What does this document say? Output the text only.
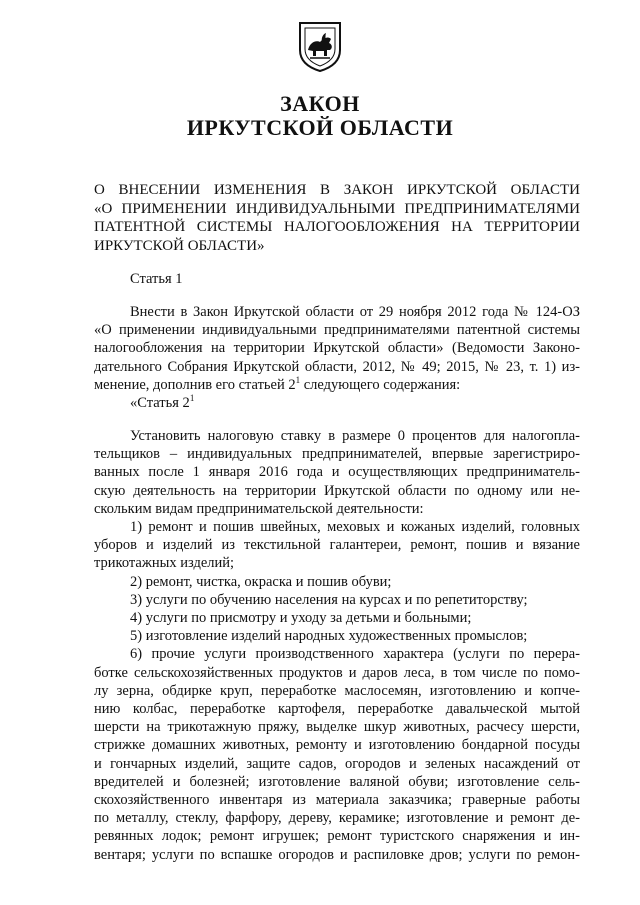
ЗАКОН
ИРКУТСКОЙ ОБЛАСТИ
О ВНЕСЕНИИ ИЗМЕНЕНИЯ В ЗАКОН ИРКУТСКОЙ ОБЛАСТИ
«О ПРИМЕНЕНИИ ИНДИВИДУАЛЬНЫМИ ПРЕДПРИНИМАТЕЛЯМИ
ПАТЕНТНОЙ СИСТЕМЫ НАЛОГООБЛОЖЕНИЯ НА ТЕРРИТОРИИ
ИРКУТСКОЙ ОБЛАСТИ»
Статья 1
Внести в Закон Иркутской области от 29 ноября 2012 года № 124-ОЗ
«О применении индивидуальными предпринимателями патентной системы
налогообложения на территории Иркутской области» (Ведомости Законо-
дательного Собрания Иркутской области, 2012, № 49; 2015, № 23, т. 1) из-
менение, дополнив его статьей $2^1$ следующего содержания:
«Статья $2^1$
Установить налоговую ставку в размере 0 процентов для налогопла-
тельщиков – индивидуальных предпринимателей, впервые зарегистриро-
ванных после 1 января 2016 года и осуществляющих предприниматель-
скую деятельность на территории Иркутской области по одному или не-
скольким видам предпринимательской деятельности:
1) ремонт и пошив швейных, меховых и кожаных изделий, головных
уборов и изделий из текстильной галантереи, ремонт, пошив и вязание
трикотажных изделий;
2) ремонт, чистка, окраска и пошив обуви;
3) услуги по обучению населения на курсах и по репетиторству;
4) услуги по присмотру и уходу за детьми и больными;
5) изготовление изделий народных художественных промыслов;
6) прочие услуги производственного характера (услуги по перера-
ботке сельскохозяйственных продуктов и даров леса, в том числе по помо-
лу зерна, обдирке круп, переработке маслосемян, изготовлению и копче-
нию колбас, переработке картофеля, переработке давальческой мытой
шерсти на трикотажную пряжу, выделке шкур животных, расчесу шерсти,
стрижке домашних животных, ремонту и изготовлению бондарной посуды
и гончарных изделий, защите садов, огородов и зеленых насаждений от
вредителей и болезней; изготовление валяной обуви; изготовление сель-
скохозяйственного инвентаря из материала заказчика; граверные работы
по металлу, стеклу, фарфору, дереву, керамике; изготовление и ремонт де-
ревянных лодок; ремонт игрушек; ремонт туристского снаряжения и ин-
вентаря; услуги по вспашке огородов и распиловке дров; услуги по ремон-
